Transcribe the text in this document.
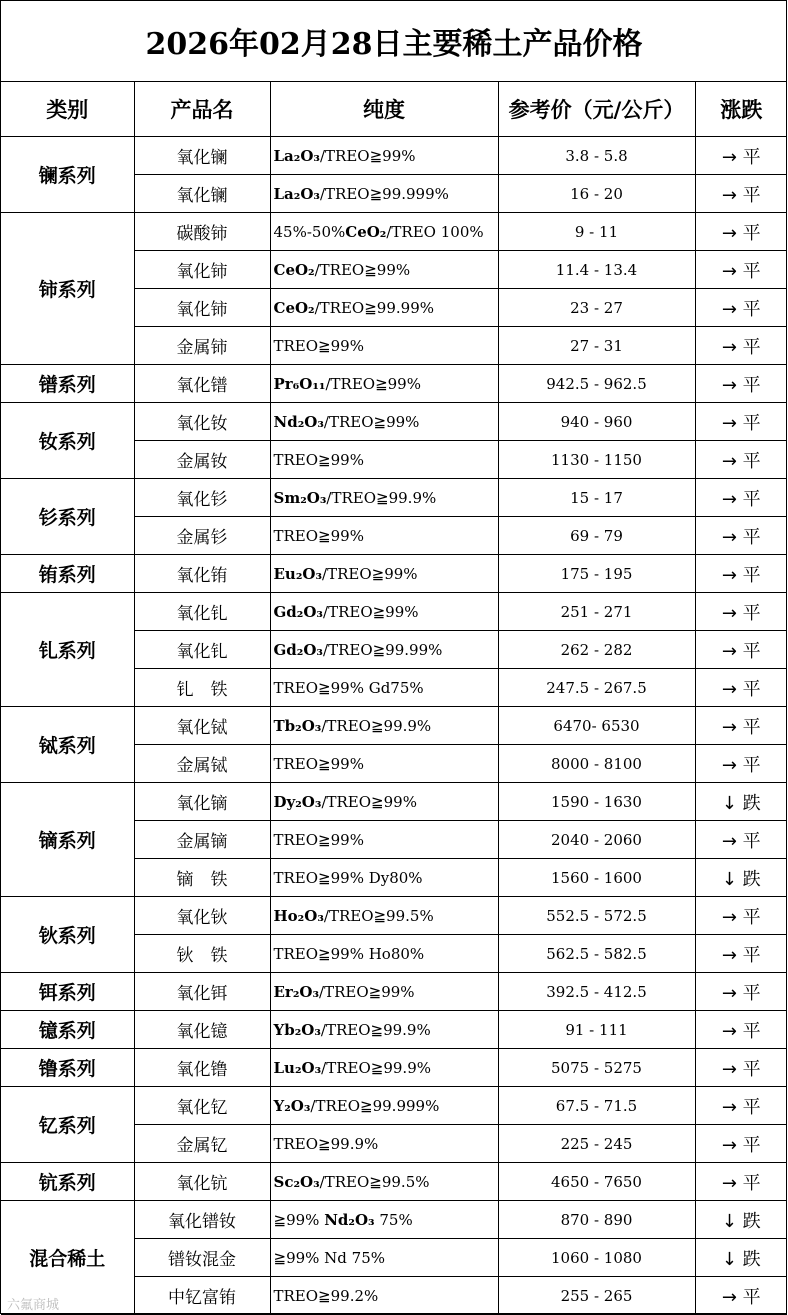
2026年02月28日主要稀土产品价格
类别	产品名	纯度	参考价（元/公斤）	涨跌
镧系列	氧化镧	La₂O₃/TREO≧99%	3.8 - 5.8	→ 平
	氧化镧	La₂O₃/TREO≧99.999%	16 - 20	→ 平
铈系列	碳酸铈	45%-50%CeO₂/TREO 100%	9 - 11	→ 平
	氧化铈	CeO₂/TREO≧99%	11.4 - 13.4	→ 平
	氧化铈	CeO₂/TREO≧99.99%	23 - 27	→ 平
	金属铈	TREO≧99%	27 - 31	→ 平
镨系列	氧化镨	Pr₆O₁₁/TREO≧99%	942.5 - 962.5	→ 平
钕系列	氧化钕	Nd₂O₃/TREO≧99%	940 - 960	→ 平
	金属钕	TREO≧99%	1130 - 1150	→ 平
钐系列	氧化钐	Sm₂O₃/TREO≧99.9%	15 - 17	→ 平
	金属钐	TREO≧99%	69 - 79	→ 平
铕系列	氧化铕	Eu₂O₃/TREO≧99%	175 - 195	→ 平
钆系列	氧化钆	Gd₂O₃/TREO≧99%	251 - 271	→ 平
	氧化钆	Gd₂O₃/TREO≧99.99%	262 - 282	→ 平
	钆　铁	TREO≧99% Gd75%	247.5 - 267.5	→ 平
铽系列	氧化铽	Tb₂O₃/TREO≧99.9%	6470- 6530	→ 平
	金属铽	TREO≧99%	8000 - 8100	→ 平
镝系列	氧化镝	Dy₂O₃/TREO≧99%	1590 - 1630	↓ 跌
	金属镝	TREO≧99%	2040 - 2060	→ 平
	镝　铁	TREO≧99% Dy80%	1560 - 1600	↓ 跌
钬系列	氧化钬	Ho₂O₃/TREO≧99.5%	552.5 - 572.5	→ 平
	钬　铁	TREO≧99% Ho80%	562.5 - 582.5	→ 平
铒系列	氧化铒	Er₂O₃/TREO≧99%	392.5 - 412.5	→ 平
镱系列	氧化镱	Yb₂O₃/TREO≧99.9%	91 - 111	→ 平
镥系列	氧化镥	Lu₂O₃/TREO≧99.9%	5075 - 5275	→ 平
钇系列	氧化钇	Y₂O₃/TREO≧99.999%	67.5 - 71.5	→ 平
	金属钇	TREO≧99.9%	225 - 245	→ 平
钪系列	氧化钪	Sc₂O₃/TREO≧99.5%	4650 - 7650	→ 平
混合稀土	氧化镨钕	≧99% Nd₂O₃ 75%	870 - 890	↓ 跌
	镨钕混金	≧99% Nd 75%	1060 - 1080	↓ 跌
	中钇富铕	TREO≧99.2%	255 - 265	→ 平
六氟商城
